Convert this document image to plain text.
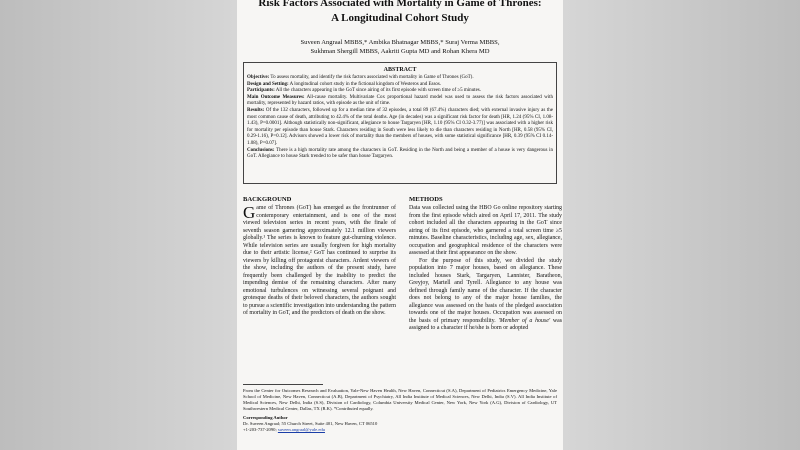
Risk Factors Associated with Mortality in Game of Thrones:
A Longitudinal Cohort Study
Suveen Angraal MBBS,* Ambika Bhatnagar MBBS,* Suraj Verma MBBS,
Sukhman Shergill MBBS, Aakriti Gupta MD and Rohan Khera MD
ABSTRACT

Objective: To assess mortality, and identify the risk factors associated with mortality in Game of Thrones (GoT).

Design and Setting: A longitudinal cohort study in the fictional kingdom of Westeros and Essos.

Participants: All the characters appearing in the GoT since airing of its first episode with screen time of ≥5 minutes.

Main Outcome Measures: All-cause mortality. Multivariate Cox proportional hazard model was used to assess the risk factors associated with mortality, represented by hazard ratios, with episode as the unit of time.

Results: Of the 132 characters, followed up for a median time of 32 episodes, a total 89 (67.4%) characters died; with external invasive injury as the most common cause of death, attributing to 42.4% of the total deaths. Age (in decades) was a significant risk factor for death [HR, 1.24 (95% CI, 1.08-1.43), P=0.0001]. Although statistically non-significant, allegiance to house Targaryen [HR, 1.10 (95% CI 0.32-3.77)] was associated with a higher risk for mortality per episode than house Stark. Characters residing in South were less likely to die than characters residing in North [HR, 0.58 (95% CI, 0.29-1.16), P=0.12]. Advisors showed a lower risk of mortality than the members of houses, with some statistical significance [HR, 0.39 (95% CI 0.14-1.08), P=0.07].

Conclusions: There is a high mortality rate among the characters in GoT. Residing in the North and being a member of a house is very dangerous in GoT. Allegiance to house Stark trended to be safer than house Targaryen.

BACKGROUND

Game of Thrones (GoT) has emerged as the frontrunner of contemporary entertainment, and is one of the most viewed television series in recent years, with the finale of seventh season garnering approximately 12.1 million viewers globally.¹ The series is known to feature gut-churning violence. While television series are usually forgiven for high mortality due to their artistic license,² GoT has continued to surprise its viewers by killing off protagonist characters. Ardent viewers of the show, including the authors of the present study, have frequently been challenged by the inability to predict the impending demise of the remaining characters. After many emotional turbulences on witnessing several poignant and grotesque deaths of their beloved characters, the authors sought to pursue a scientific investigation into understanding the pattern of mortality in GoT, and the predictors of death on the show.

METHODS

Data was collected using the HBO Go online repository starting from the first episode which aired on April 17, 2011. The study cohort included all the characters appearing in the GoT since airing of its first episode, who garnered a total screen time ≥5 minutes. Baseline characteristics, including age, sex, allegiance, occupation and geographical residence of the characters were assessed at their first appearance on the show.

For the purpose of this study, we divided the study population into 7 major houses, based on allegiance. These included houses Stark, Targaryen, Lannister, Baratheon, Greyjoy, Martell and Tyrell. Allegiance to any house was defined through family name of the character. If the character does not belong to any of the major house families, the allegiance was assessed on the basis of the pledged association towards one of the major houses. Occupation was assessed on the basis of primary responsibility. 'Member of a house' was assigned to a character if he/she is born or adopted

From the Center for Outcomes Research and Evaluation, Yale-New Haven Health, New Haven, Connecticut (S.A), Department of Pediatrics Emergency Medicine, Yale School of Medicine, New Haven, Connecticut (A.B), Department of Psychiatry, All India Institute of Medical Sciences, New Delhi, India (S.V). All India Institute of Medical Sciences, New Delhi, India (S.S), Division of Cardiology, Columbia University Medical Center, New York, New York (A.G), Division of Cardiology, UT Southwestern Medical Center, Dallas, TX (R.K). *Contributed equally.

Corresponding Author

Dr. Suveen Angraal; 55 Church Street, Suite 401, New Haven, CT 06510

+1-203-737-2090; suveen.angraal@yale.edu
